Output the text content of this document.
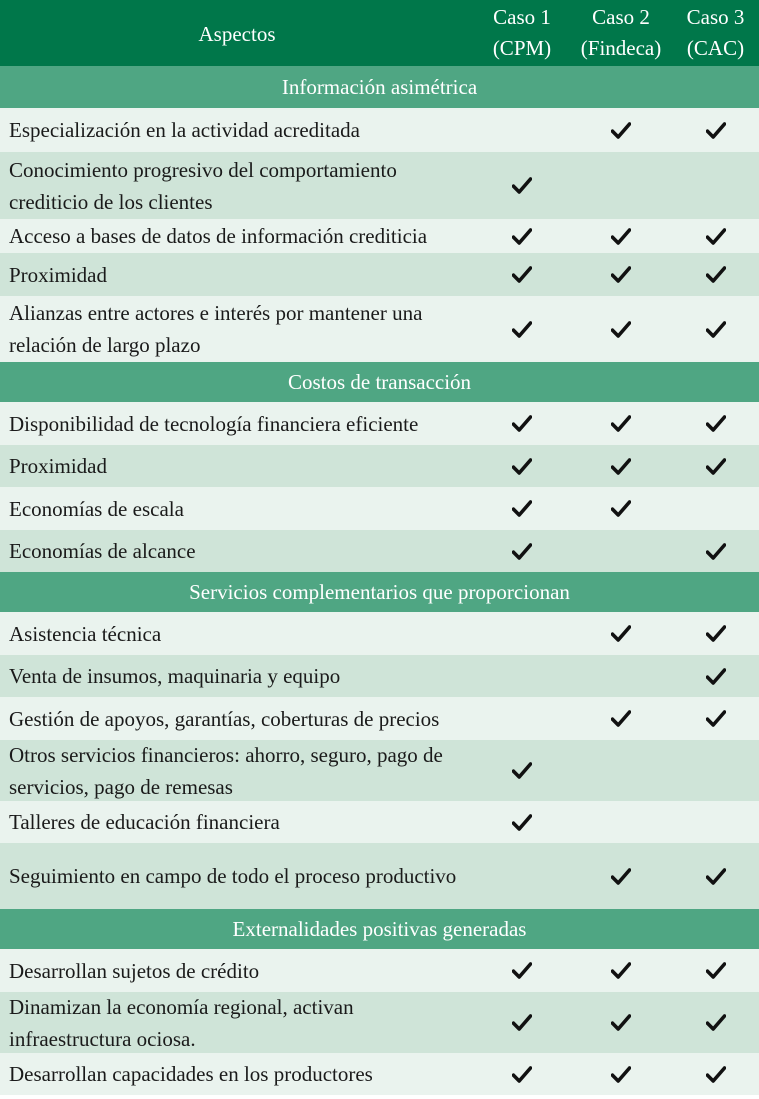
Aspectos
Caso 1
(CPM)
Caso 2
(Findeca)
Caso 3
(CAC)
Información asimétrica
Especialización en la actividad acreditada
Conocimiento progresivo del comportamiento crediticio de los clientes
Acceso a bases de datos de información crediticia
Proximidad
Alianzas entre actores e interés por mantener una relación de largo plazo
Costos de transacción
Disponibilidad de tecnología financiera eficiente
Proximidad
Economías de escala
Economías de alcance
Servicios complementarios que proporcionan
Asistencia técnica
Venta de insumos, maquinaria y equipo
Gestión de apoyos, garantías, coberturas de precios
Otros servicios financieros: ahorro, seguro, pago de servicios, pago de remesas
Talleres de educación financiera
Seguimiento en campo de todo el proceso productivo
Externalidades positivas generadas
Desarrollan sujetos de crédito
Dinamizan la economía regional, activan infraestructura ociosa.
Desarrollan capacidades en los productores
